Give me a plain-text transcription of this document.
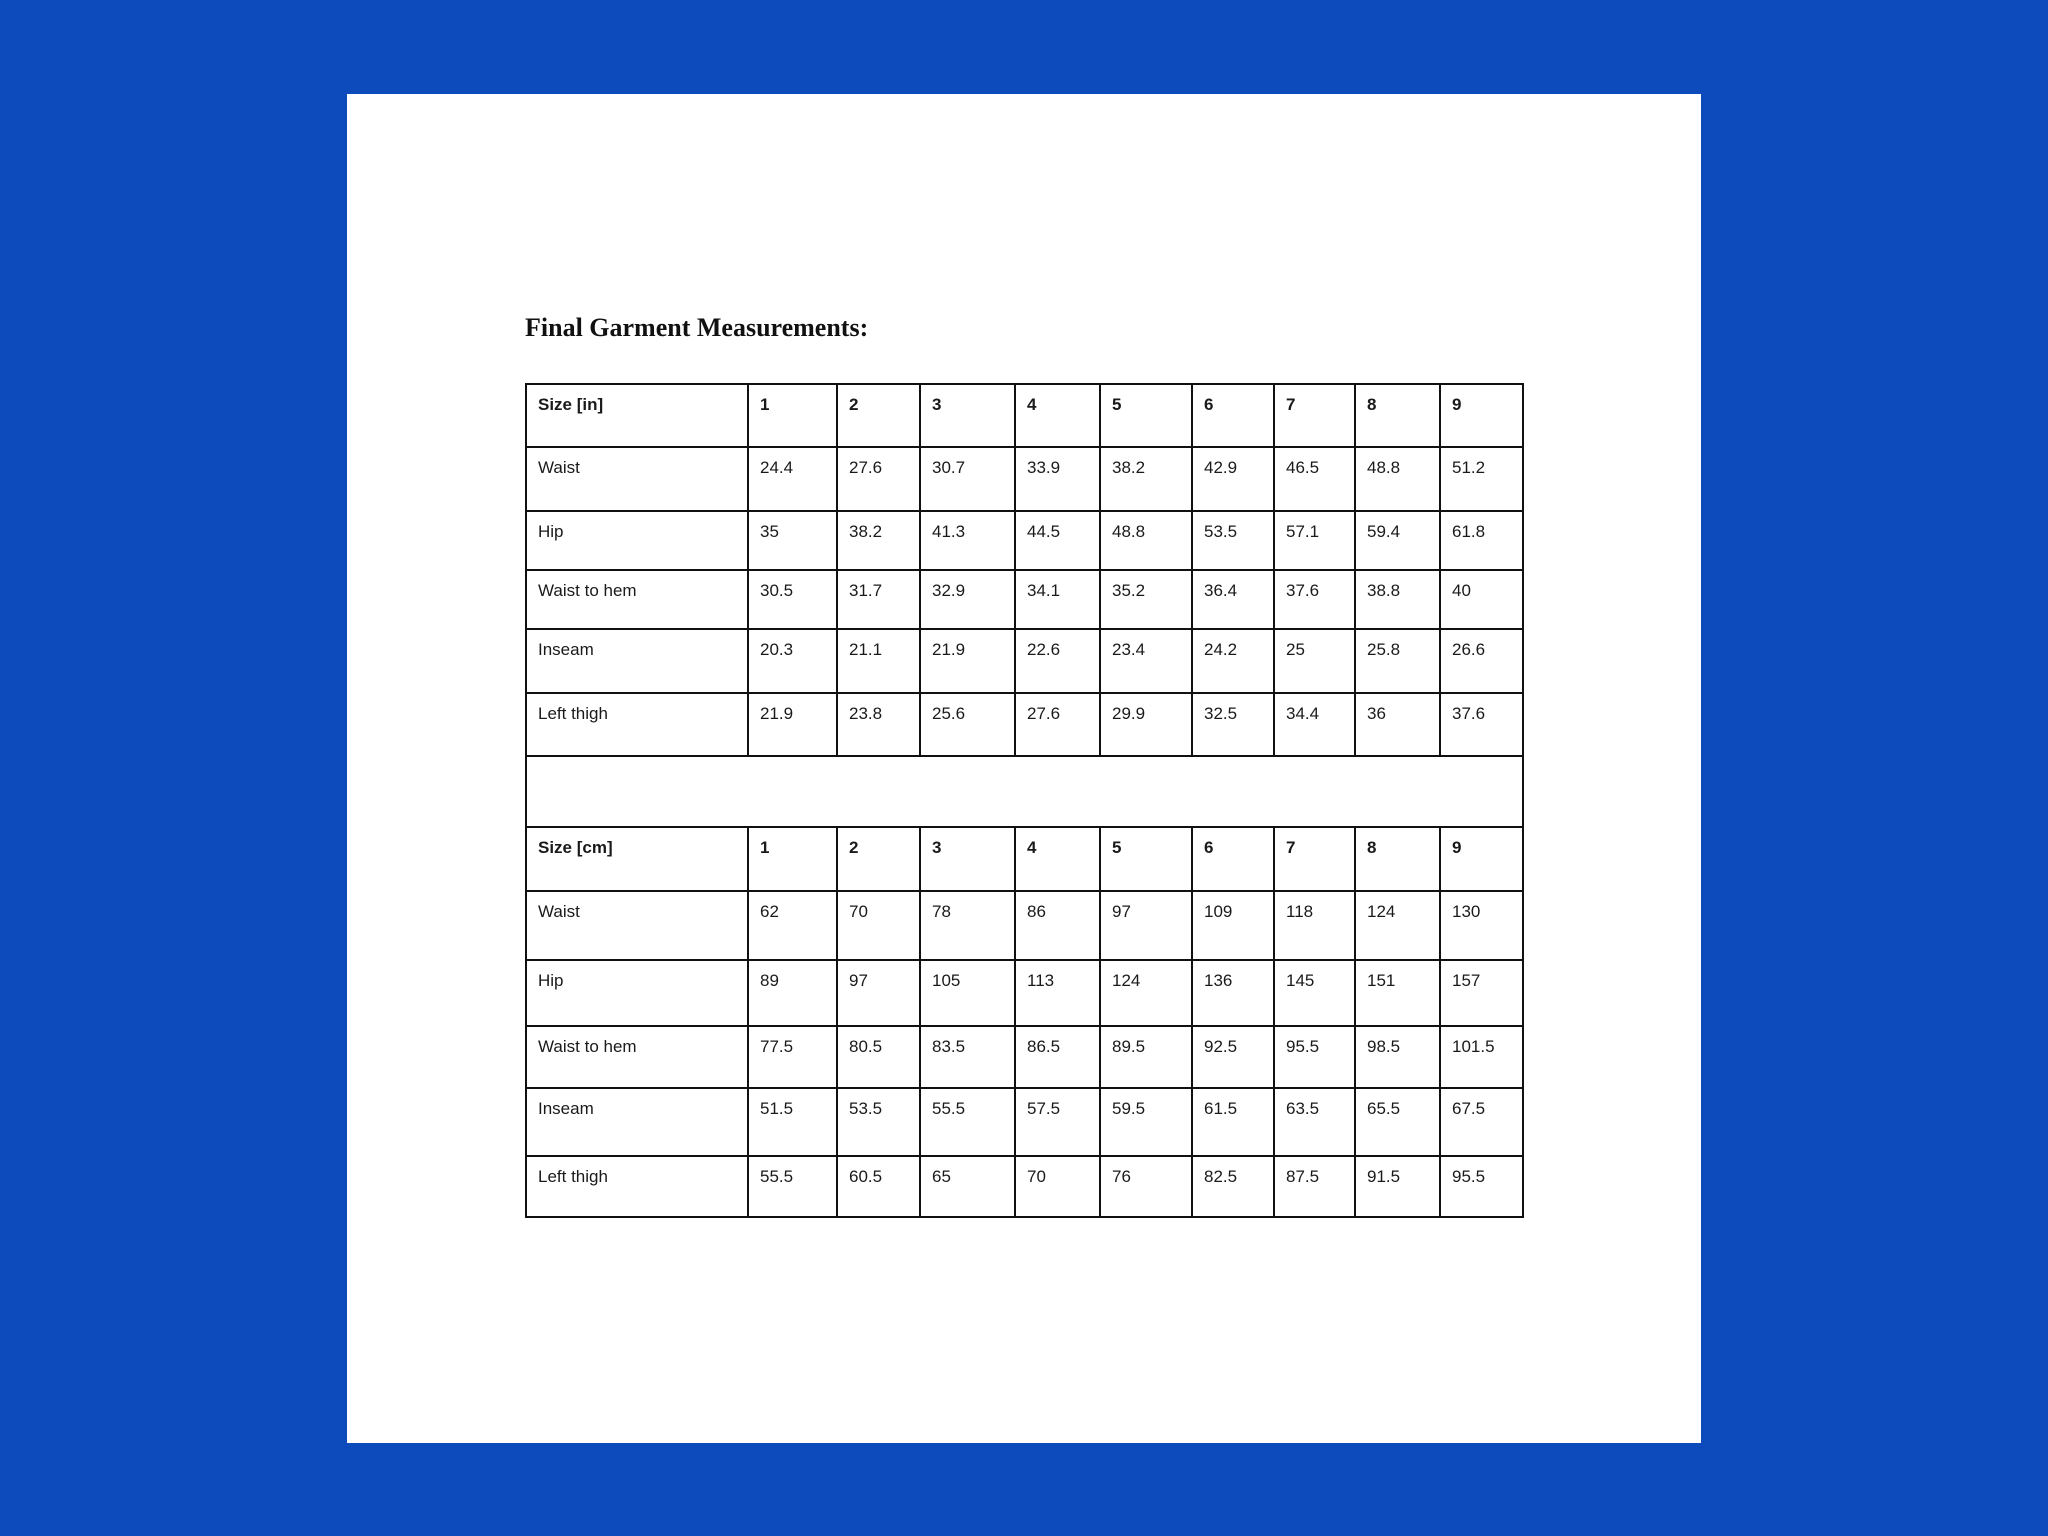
Final Garment Measurements:
Size [in]	1	2	3	4	5	6	7	8	9
Waist	24.4	27.6	30.7	33.9	38.2	42.9	46.5	48.8	51.2
Hip	35	38.2	41.3	44.5	48.8	53.5	57.1	59.4	61.8
Waist to hem	30.5	31.7	32.9	34.1	35.2	36.4	37.6	38.8	40
Inseam	20.3	21.1	21.9	22.6	23.4	24.2	25	25.8	26.6
Left thigh	21.9	23.8	25.6	27.6	29.9	32.5	34.4	36	37.6

Size [cm]	1	2	3	4	5	6	7	8	9
Waist	62	70	78	86	97	109	118	124	130
Hip	89	97	105	113	124	136	145	151	157
Waist to hem	77.5	80.5	83.5	86.5	89.5	92.5	95.5	98.5	101.5
Inseam	51.5	53.5	55.5	57.5	59.5	61.5	63.5	65.5	67.5
Left thigh	55.5	60.5	65	70	76	82.5	87.5	91.5	95.5
